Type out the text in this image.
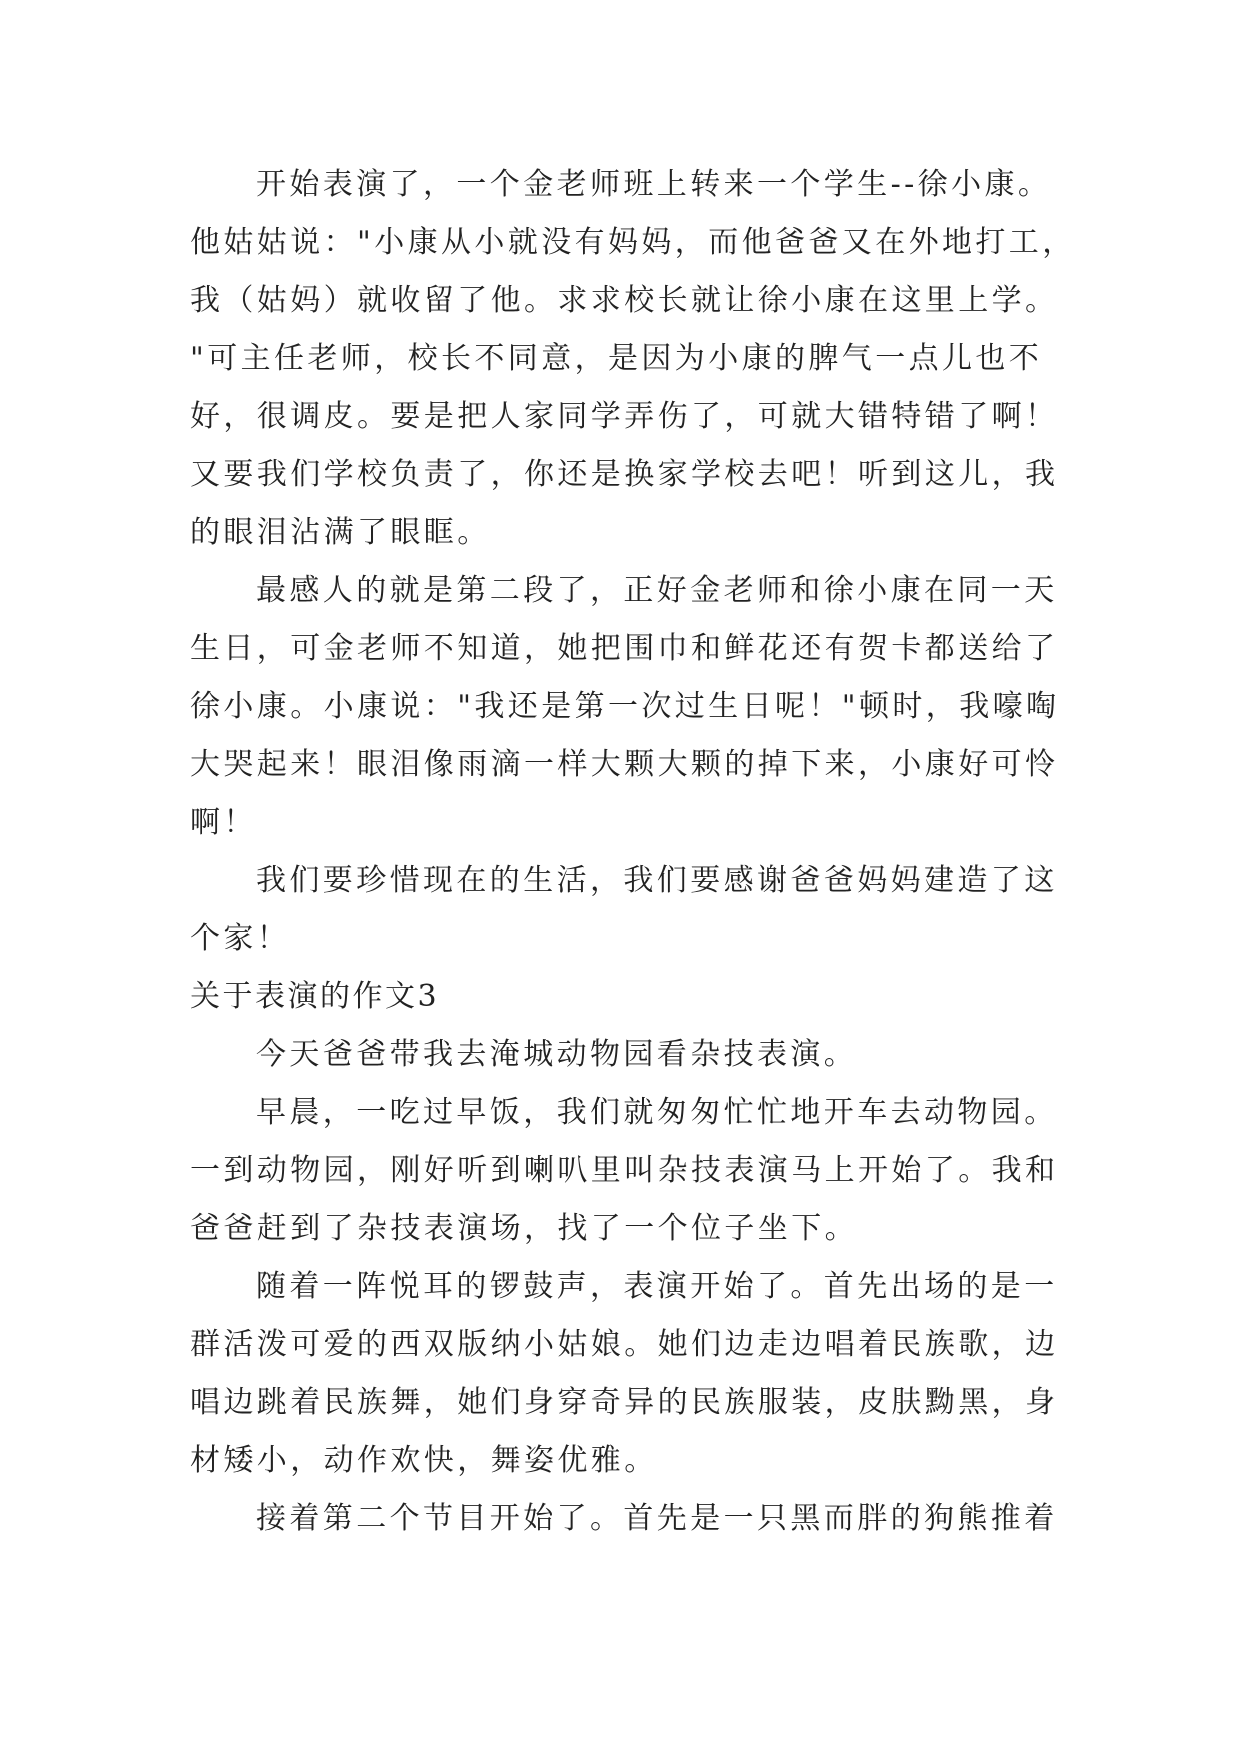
开始表演了，一个金老师班上转来一个学生--徐小康。
他姑姑说："小康从小就没有妈妈，而他爸爸又在外地打工，
我（姑妈）就收留了他。求求校长就让徐小康在这里上学。
"可主任老师，校长不同意，是因为小康的脾气一点儿也不
好，很调皮。要是把人家同学弄伤了，可就大错特错了啊！
又要我们学校负责了，你还是换家学校去吧！听到这儿，我
的眼泪沾满了眼眶。
最感人的就是第二段了，正好金老师和徐小康在同一天
生日，可金老师不知道，她把围巾和鲜花还有贺卡都送给了
徐小康。小康说："我还是第一次过生日呢！"顿时，我嚎啕
大哭起来！眼泪像雨滴一样大颗大颗的掉下来，小康好可怜
啊！
我们要珍惜现在的生活，我们要感谢爸爸妈妈建造了这
个家！
关于表演的作文3
今天爸爸带我去淹城动物园看杂技表演。
早晨，一吃过早饭，我们就匆匆忙忙地开车去动物园。
一到动物园，刚好听到喇叭里叫杂技表演马上开始了。我和
爸爸赶到了杂技表演场，找了一个位子坐下。
随着一阵悦耳的锣鼓声，表演开始了。首先出场的是一
群活泼可爱的西双版纳小姑娘。她们边走边唱着民族歌，边
唱边跳着民族舞，她们身穿奇异的民族服装，皮肤黝黑，身
材矮小，动作欢快，舞姿优雅。
接着第二个节目开始了。首先是一只黑而胖的狗熊推着
